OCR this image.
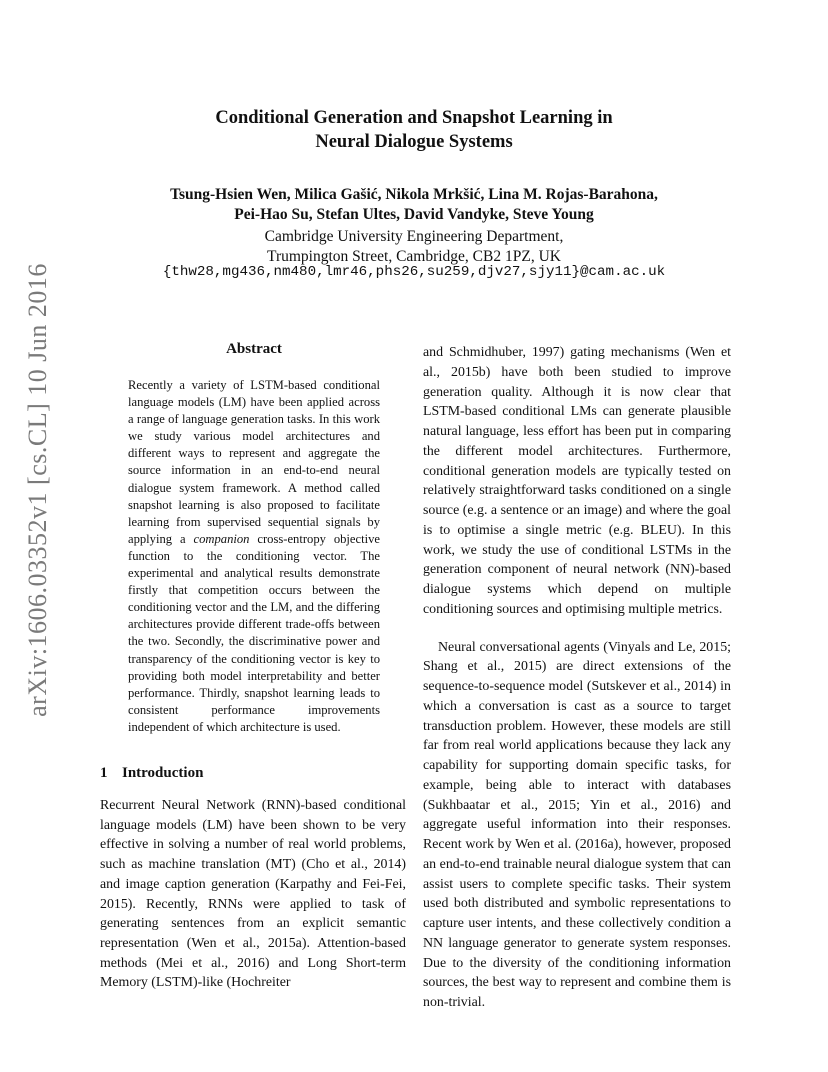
arXiv:1606.03352v1 [cs.CL] 10 Jun 2016
Conditional Generation and Snapshot Learning in
Neural Dialogue Systems
Tsung-Hsien Wen, Milica Gašić, Nikola Mrkšić, Lina M. Rojas-Barahona,
Pei-Hao Su, Stefan Ultes, David Vandyke, Steve Young
Cambridge University Engineering Department,
Trumpington Street, Cambridge, CB2 1PZ, UK
{thw28,mg436,nm480,lmr46,phs26,su259,djv27,sjy11}@cam.ac.uk
Abstract
Recently a variety of LSTM-based conditional language models (LM) have been applied across a range of language generation tasks. In this work we study various model architectures and different ways to represent and aggregate the source information in an end-to-end neural dialogue system framework. A method called snapshot learning is also proposed to facilitate learning from supervised sequential signals by applying a companion cross-entropy objective function to the conditioning vector. The experimental and analytical results demonstrate firstly that competition occurs between the conditioning vector and the LM, and the differing architectures provide different trade-offs between the two. Secondly, the discriminative power and transparency of the conditioning vector is key to providing both model interpretability and better performance. Thirdly, snapshot learning leads to consistent performance improvements independent of which architecture is used.
1 Introduction

Recurrent Neural Network (RNN)-based conditional language models (LM) have been shown to be very effective in solving a number of real world problems, such as machine translation (MT) (Cho et al., 2014) and image caption generation (Karpathy and Fei-Fei, 2015). Recently, RNNs were applied to task of generating sentences from an explicit semantic representation (Wen et al., 2015a). Attention-based methods (Mei et al., 2016) and Long Short-term Memory (LSTM)-like (Hochreiter

and Schmidhuber, 1997) gating mechanisms (Wen et al., 2015b) have both been studied to improve generation quality. Although it is now clear that LSTM-based conditional LMs can generate plausible natural language, less effort has been put in comparing the different model architectures. Furthermore, conditional generation models are typically tested on relatively straightforward tasks conditioned on a single source (e.g. a sentence or an image) and where the goal is to optimise a single metric (e.g. BLEU). In this work, we study the use of conditional LSTMs in the generation component of neural network (NN)-based dialogue systems which depend on multiple conditioning sources and optimising multiple metrics.

Neural conversational agents (Vinyals and Le, 2015; Shang et al., 2015) are direct extensions of the sequence-to-sequence model (Sutskever et al., 2014) in which a conversation is cast as a source to target transduction problem. However, these models are still far from real world applications because they lack any capability for supporting domain specific tasks, for example, being able to interact with databases (Sukhbaatar et al., 2015; Yin et al., 2016) and aggregate useful information into their responses. Recent work by Wen et al. (2016a), however, proposed an end-to-end trainable neural dialogue system that can assist users to complete specific tasks. Their system used both distributed and symbolic representations to capture user intents, and these collectively condition a NN language generator to generate system responses. Due to the diversity of the conditioning information sources, the best way to represent and combine them is non-trivial.
